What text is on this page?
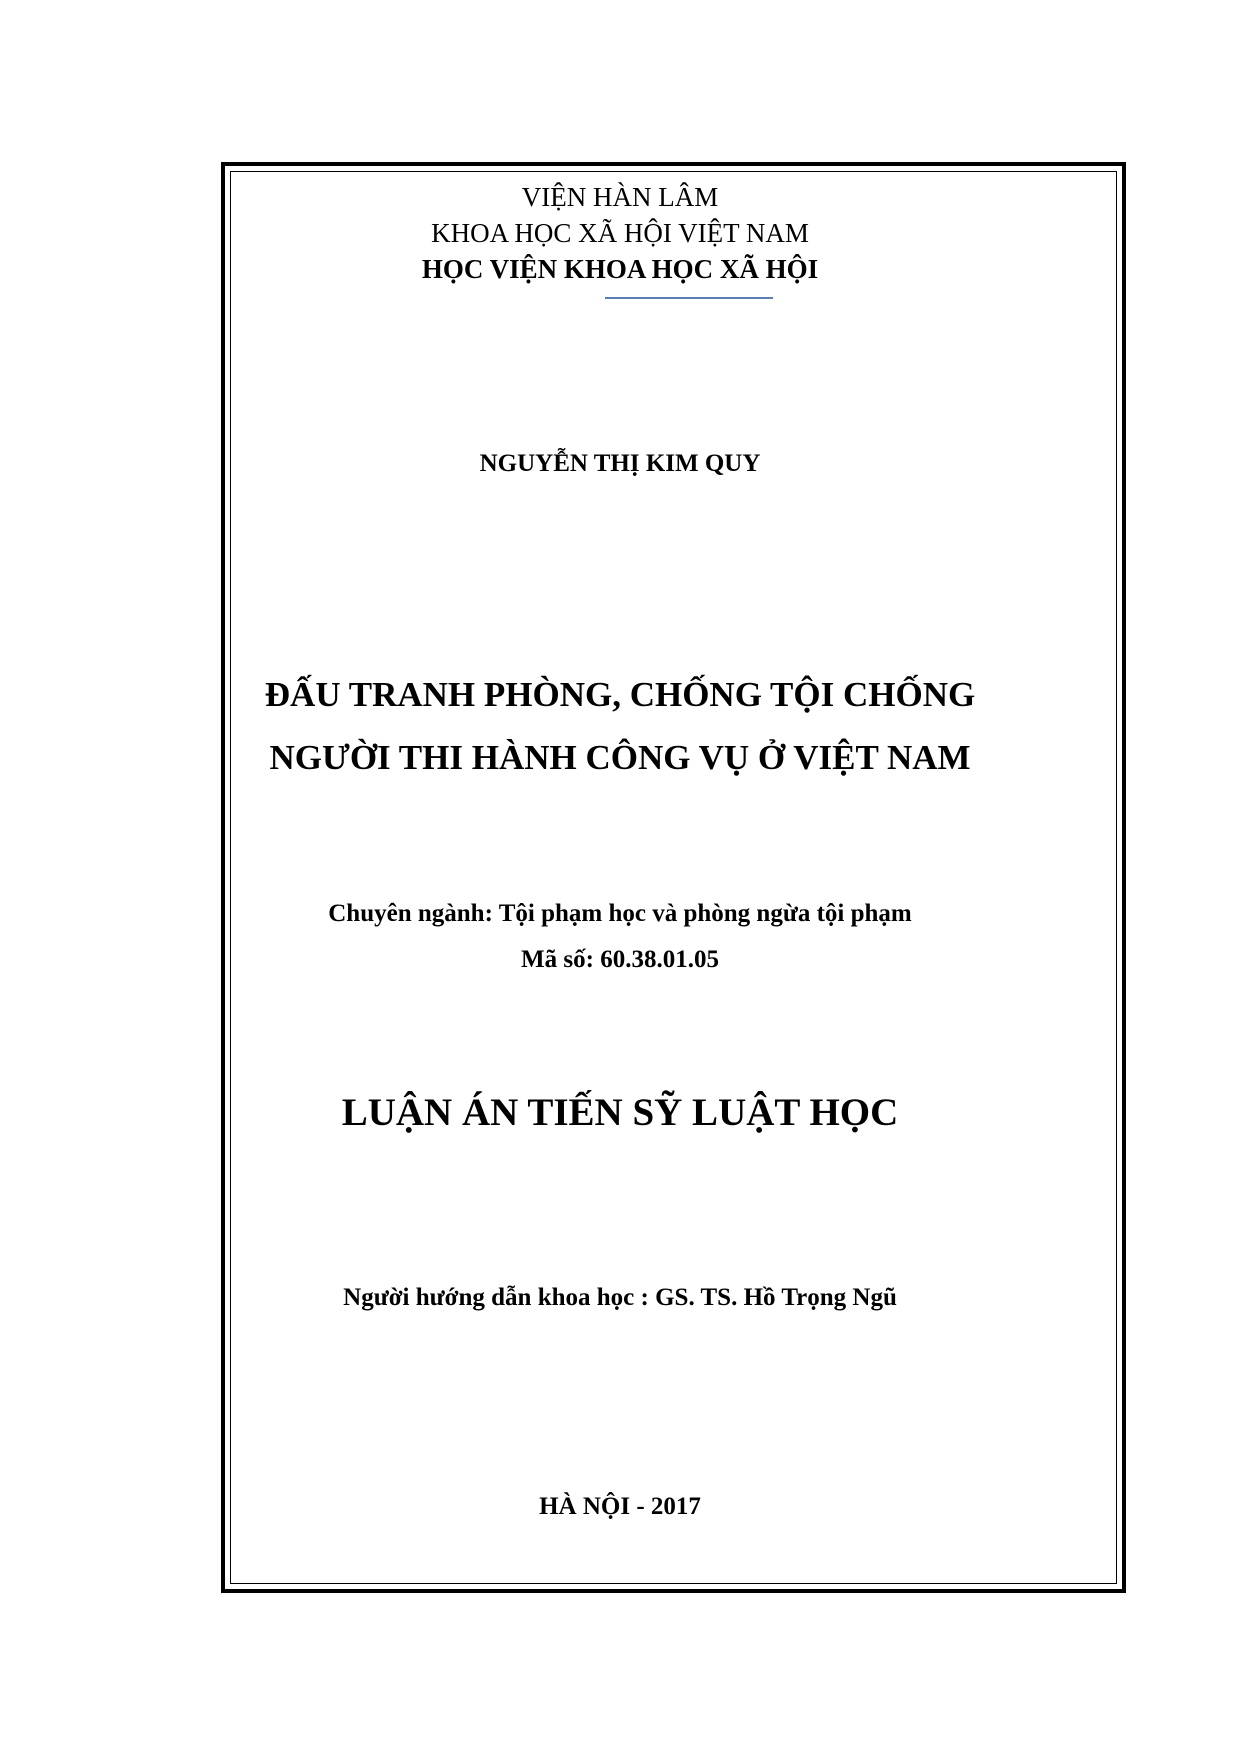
VIỆN HÀN LÂM
KHOA HỌC XÃ HỘI VIỆT NAM
HỌC VIỆN KHOA HỌC XÃ HỘI
NGUYỄN THỊ KIM QUY
ĐẤU TRANH PHÒNG, CHỐNG TỘI CHỐNG
NGƯỜI THI HÀNH CÔNG VỤ Ở VIỆT NAM
Chuyên ngành: Tội phạm học và phòng ngừa tội phạm
Mã số: 60.38.01.05
LUẬN ÁN TIẾN SỸ LUẬT HỌC
Người hướng dẫn khoa học : GS. TS. Hồ Trọng Ngũ
HÀ NỘI - 2017
